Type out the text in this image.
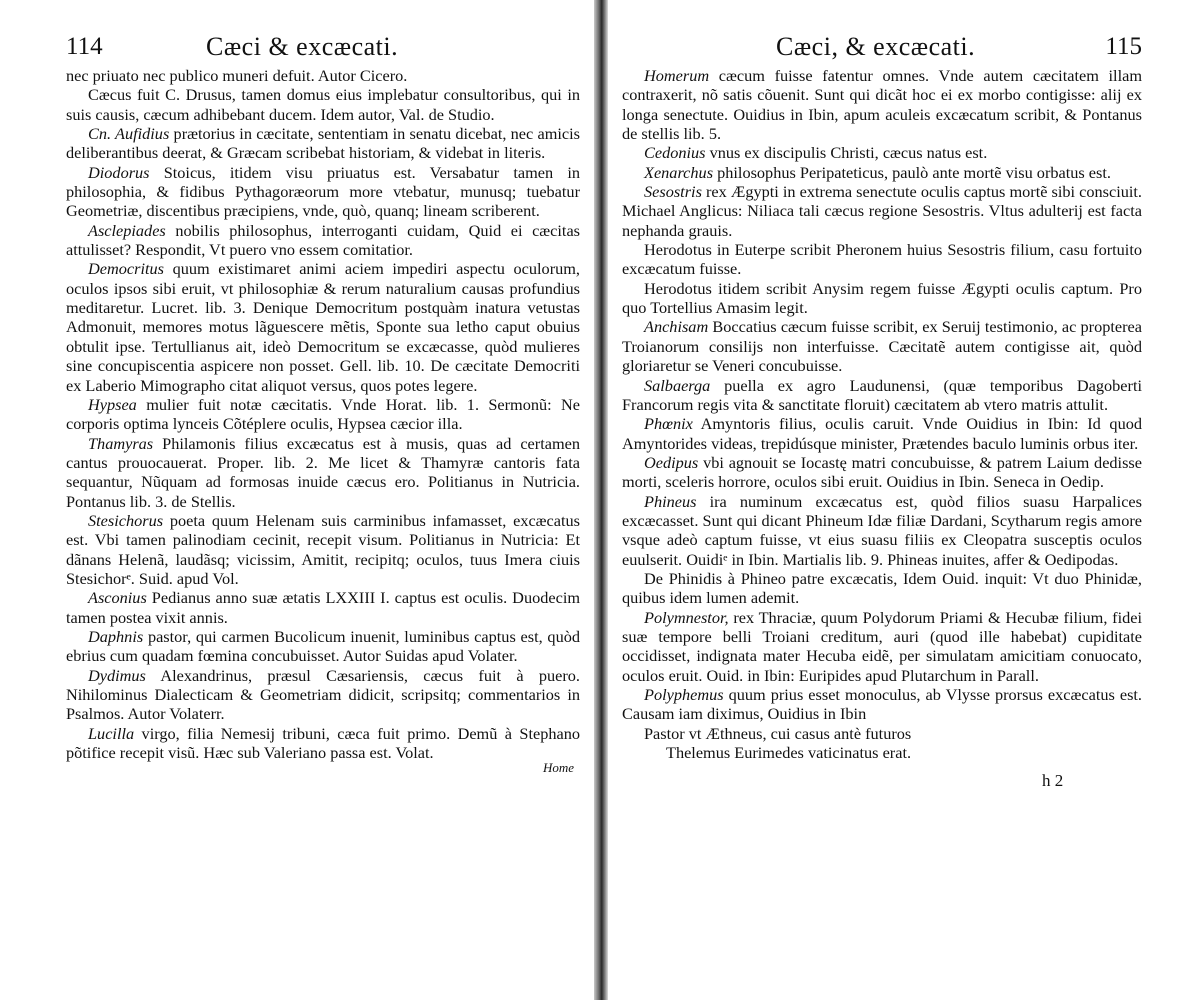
114	Cæci & excæcati.

nec priuato nec publico muneri defuit. Autor Cicero.

Cæcus fuit C. Drusus, tamen domus eius implebatur consultoribus, qui in suis causis, cæcum adhibebant ducem. Idem autor, Val. de Studio.

Cn. Aufidius prætorius in cæcitate, sententiam in senatu dicebat, nec amicis deliberantibus deerat, & Græcam scribebat historiam, & videbat in literis.

Diodorus Stoicus, itidem visu priuatus est. Versabatur tamen in philosophia, & fidibus Pythagoræorum more vtebatur, munusq; tuebatur Geometriæ, discentibus præcipiens, vnde, quò, quanq; lineam scriberent.

Asclepiades nobilis philosophus, interroganti cuidam, Quid ei cæcitas attulisset? Respondit, Vt puero vno essem comitatior.

Democritus quum existimaret animi aciem impediri aspectu oculorum, oculos ipsos sibi eruit, vt philosophiæ & rerum naturalium causas profundius meditaretur. Lucret. lib. 3. Denique Democritum postquàm inatura vetustas Admonuit, memores motus lãguescere mẽtis, Sponte sua letho caput obuius obtulit ipse. Tertullianus ait, ideò Democritum se excæcasse, quòd mulieres sine concupiscentia aspicere non posset. Gell. lib. 10. De cæcitate Democriti ex Laberio Mimographo citat aliquot versus, quos potes legere.

Hypsea mulier fuit notæ cæcitatis. Vnde Horat. lib. 1. Sermonũ: Ne corporis optima lynceis Cõtéplere oculis, Hypsea cæcior illa.

Thamyras Philamonis filius excæcatus est à musis, quas ad certamen cantus prouocauerat. Proper. lib. 2. Me licet & Thamyræ cantoris fata sequantur, Nũquam ad formosas inuide cæcus ero. Politianus in Nutricia. Pontanus lib. 3. de Stellis.

Stesichorus poeta quum Helenam suis carminibus infamasset, excæcatus est. Vbi tamen palinodiam cecinit, recepit visum. Politianus in Nutricia: Et dãnans Helenã, laudãsq; vicissim, Amitit, recipitq; oculos, tuus Imera ciuis Stesichorᵉ. Suid. apud Vol.

Asconius Pedianus anno suæ ætatis LXXIII I. captus est oculis. Duodecim tamen postea vixit annis.

Daphnis pastor, qui carmen Bucolicum inuenit, luminibus captus est, quòd ebrius cum quadam fœmina concubuisset. Autor Suidas apud Volater.

Dydimus Alexandrinus, præsul Cæsariensis, cæcus fuit à puero. Nihilominus Dialecticam & Geometriam didicit, scripsitq; commentarios in Psalmos. Autor Volaterr.

Lucilla virgo, filia Nemesij tribuni, cæca fuit primo. Demũ à Stephano põtifice recepit visũ. Hæc sub Valeriano passa est. Volat.

Home
Cæci, & excæcati.	115

Homerum cæcum fuisse fatentur omnes. Vnde autem cæcitatem illam contraxerit, nõ satis cõuenit. Sunt qui dicãt hoc ei ex morbo contigisse: alij ex longa senectute. Ouidius in Ibin, apum aculeis excæcatum scribit, & Pontanus de stellis lib. 5.

Cedonius vnus ex discipulis Christi, cæcus natus est.

Xenarchus philosophus Peripateticus, paulò ante mortẽ visu orbatus est.

Sesostris rex Ægypti in extrema senectute oculis captus mortẽ sibi consciuit. Michael Anglicus: Niliaca tali cæcus regione Sesostris. Vltus adulterij est facta nephanda grauis.

Herodotus in Euterpe scribit Pheronem huius Sesostris filium, casu fortuito excæcatum fuisse.

Herodotus itidem scribit Anysim regem fuisse Ægypti oculis captum. Pro quo Tortellius Amasim legit.

Anchisam Boccatius cæcum fuisse scribit, ex Seruij testimonio, ac propterea Troianorum consilijs non interfuisse. Cæcitatẽ autem contigisse ait, quòd gloriaretur se Veneri concubuisse.

Salbaerga puella ex agro Laudunensi, (quæ temporibus Dagoberti Francorum regis vita & sanctitate floruit) cæcitatem ab vtero matris attulit.

Phœnix Amyntoris filius, oculis caruit. Vnde Ouidius in Ibin: Id quod Amyntorides videas, trepidúsque minister, Prætendes baculo luminis orbus iter.

Oedipus vbi agnouit se Iocastę matri concubuisse, & patrem Laium dedisse morti, sceleris horrore, oculos sibi eruit. Ouidius in Ibin. Seneca in Oedip.

Phineus ira numinum excæcatus est, quòd filios suasu Harpalices excæcasset. Sunt qui dicant Phineum Idæ filiæ Dardani, Scytharum regis amore vsque adeò captum fuisse, vt eius suasu filiis ex Cleopatra susceptis oculos euulserit. Ouidiᵉ in Ibin. Martialis lib. 9. Phineas inuites, affer & Oedipodas.

De Phinidis à Phineo patre excæcatis, Idem Ouid. inquit: Vt duo Phinidæ, quibus idem lumen ademit.

Polymnestor, rex Thraciæ, quum Polydorum Priami & Hecubæ filium, fidei suæ tempore belli Troiani creditum, auri (quod ille habebat) cupiditate occidisset, indignata mater Hecuba eidẽ, per simulatam amicitiam conuocato, oculos eruit. Ouid. in Ibin: Euripides apud Plutarchum in Parall.

Polyphemus quum prius esset monoculus, ab Vlysse prorsus excæcatus est. Causam iam diximus, Ouidius in Ibin

Pastor vt Æthneus, cui casus antè futuros

Thelemus Eurimedes vaticinatus erat.

h 2
